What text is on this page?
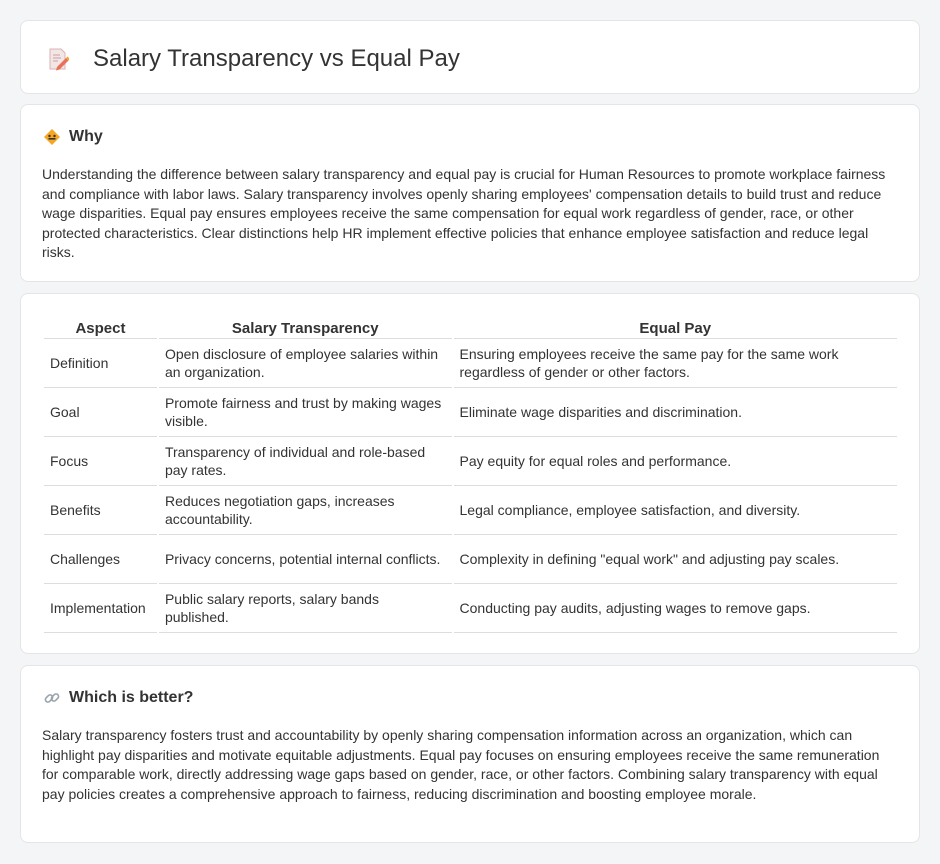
Salary Transparency vs Equal Pay
Why

Understanding the difference between salary transparency and equal pay is crucial for Human Resources to promote workplace fairness and compliance with labor laws. Salary transparency involves openly sharing employees' compensation details to build trust and reduce wage disparities. Equal pay ensures employees receive the same compensation for equal work regardless of gender, race, or other protected characteristics. Clear distinctions help HR implement effective policies that enhance employee satisfaction and reduce legal risks.

Aspect	Salary Transparency	Equal Pay
Definition	Open disclosure of employee salaries within an organization.	Ensuring employees receive the same pay for the same work regardless of gender or other factors.
Goal	Promote fairness and trust by making wages visible.	Eliminate wage disparities and discrimination.
Focus	Transparency of individual and role-based pay rates.	Pay equity for equal roles and performance.
Benefits	Reduces negotiation gaps, increases accountability.	Legal compliance, employee satisfaction, and diversity.
Challenges	Privacy concerns, potential internal conflicts.	Complexity in defining "equal work" and adjusting pay scales.
Implementation	Public salary reports, salary bands published.	Conducting pay audits, adjusting wages to remove gaps.
Which is better?

Salary transparency fosters trust and accountability by openly sharing compensation information across an organization, which can highlight pay disparities and motivate equitable adjustments. Equal pay focuses on ensuring employees receive the same remuneration for comparable work, directly addressing wage gaps based on gender, race, or other factors. Combining salary transparency with equal pay policies creates a comprehensive approach to fairness, reducing discrimination and boosting employee morale.
